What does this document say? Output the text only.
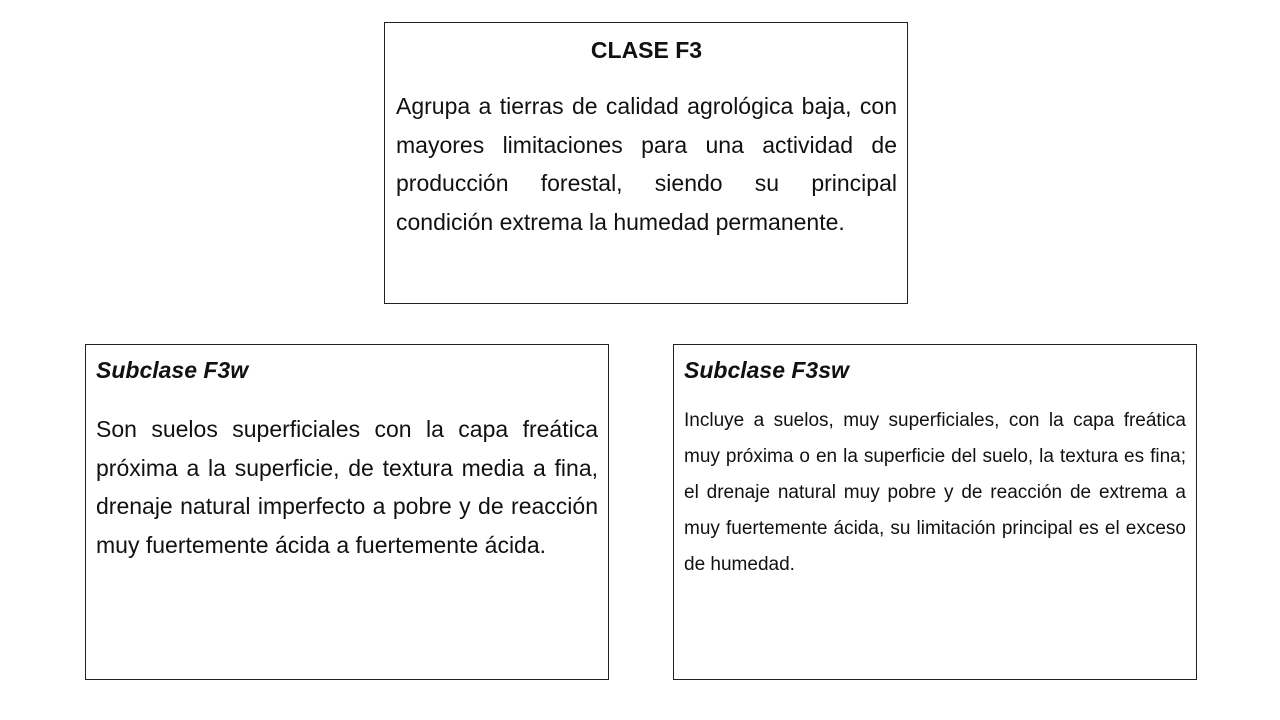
CLASE F3

Agrupa a tierras de calidad agrológica baja, con mayores limitaciones para una actividad de producción forestal, siendo su principal condición extrema la humedad permanente.

Subclase F3w

Son suelos superficiales con la capa freática próxima a la superficie, de textura media a fina, drenaje natural imperfecto a pobre y de reacción muy fuertemente ácida a fuertemente ácida.

Subclase F3sw

Incluye a suelos, muy superficiales, con la capa freática muy próxima o en la superficie del suelo, la textura es fina; el drenaje natural muy pobre y de reacción de extrema a muy fuertemente ácida, su limitación principal es el exceso de humedad.
